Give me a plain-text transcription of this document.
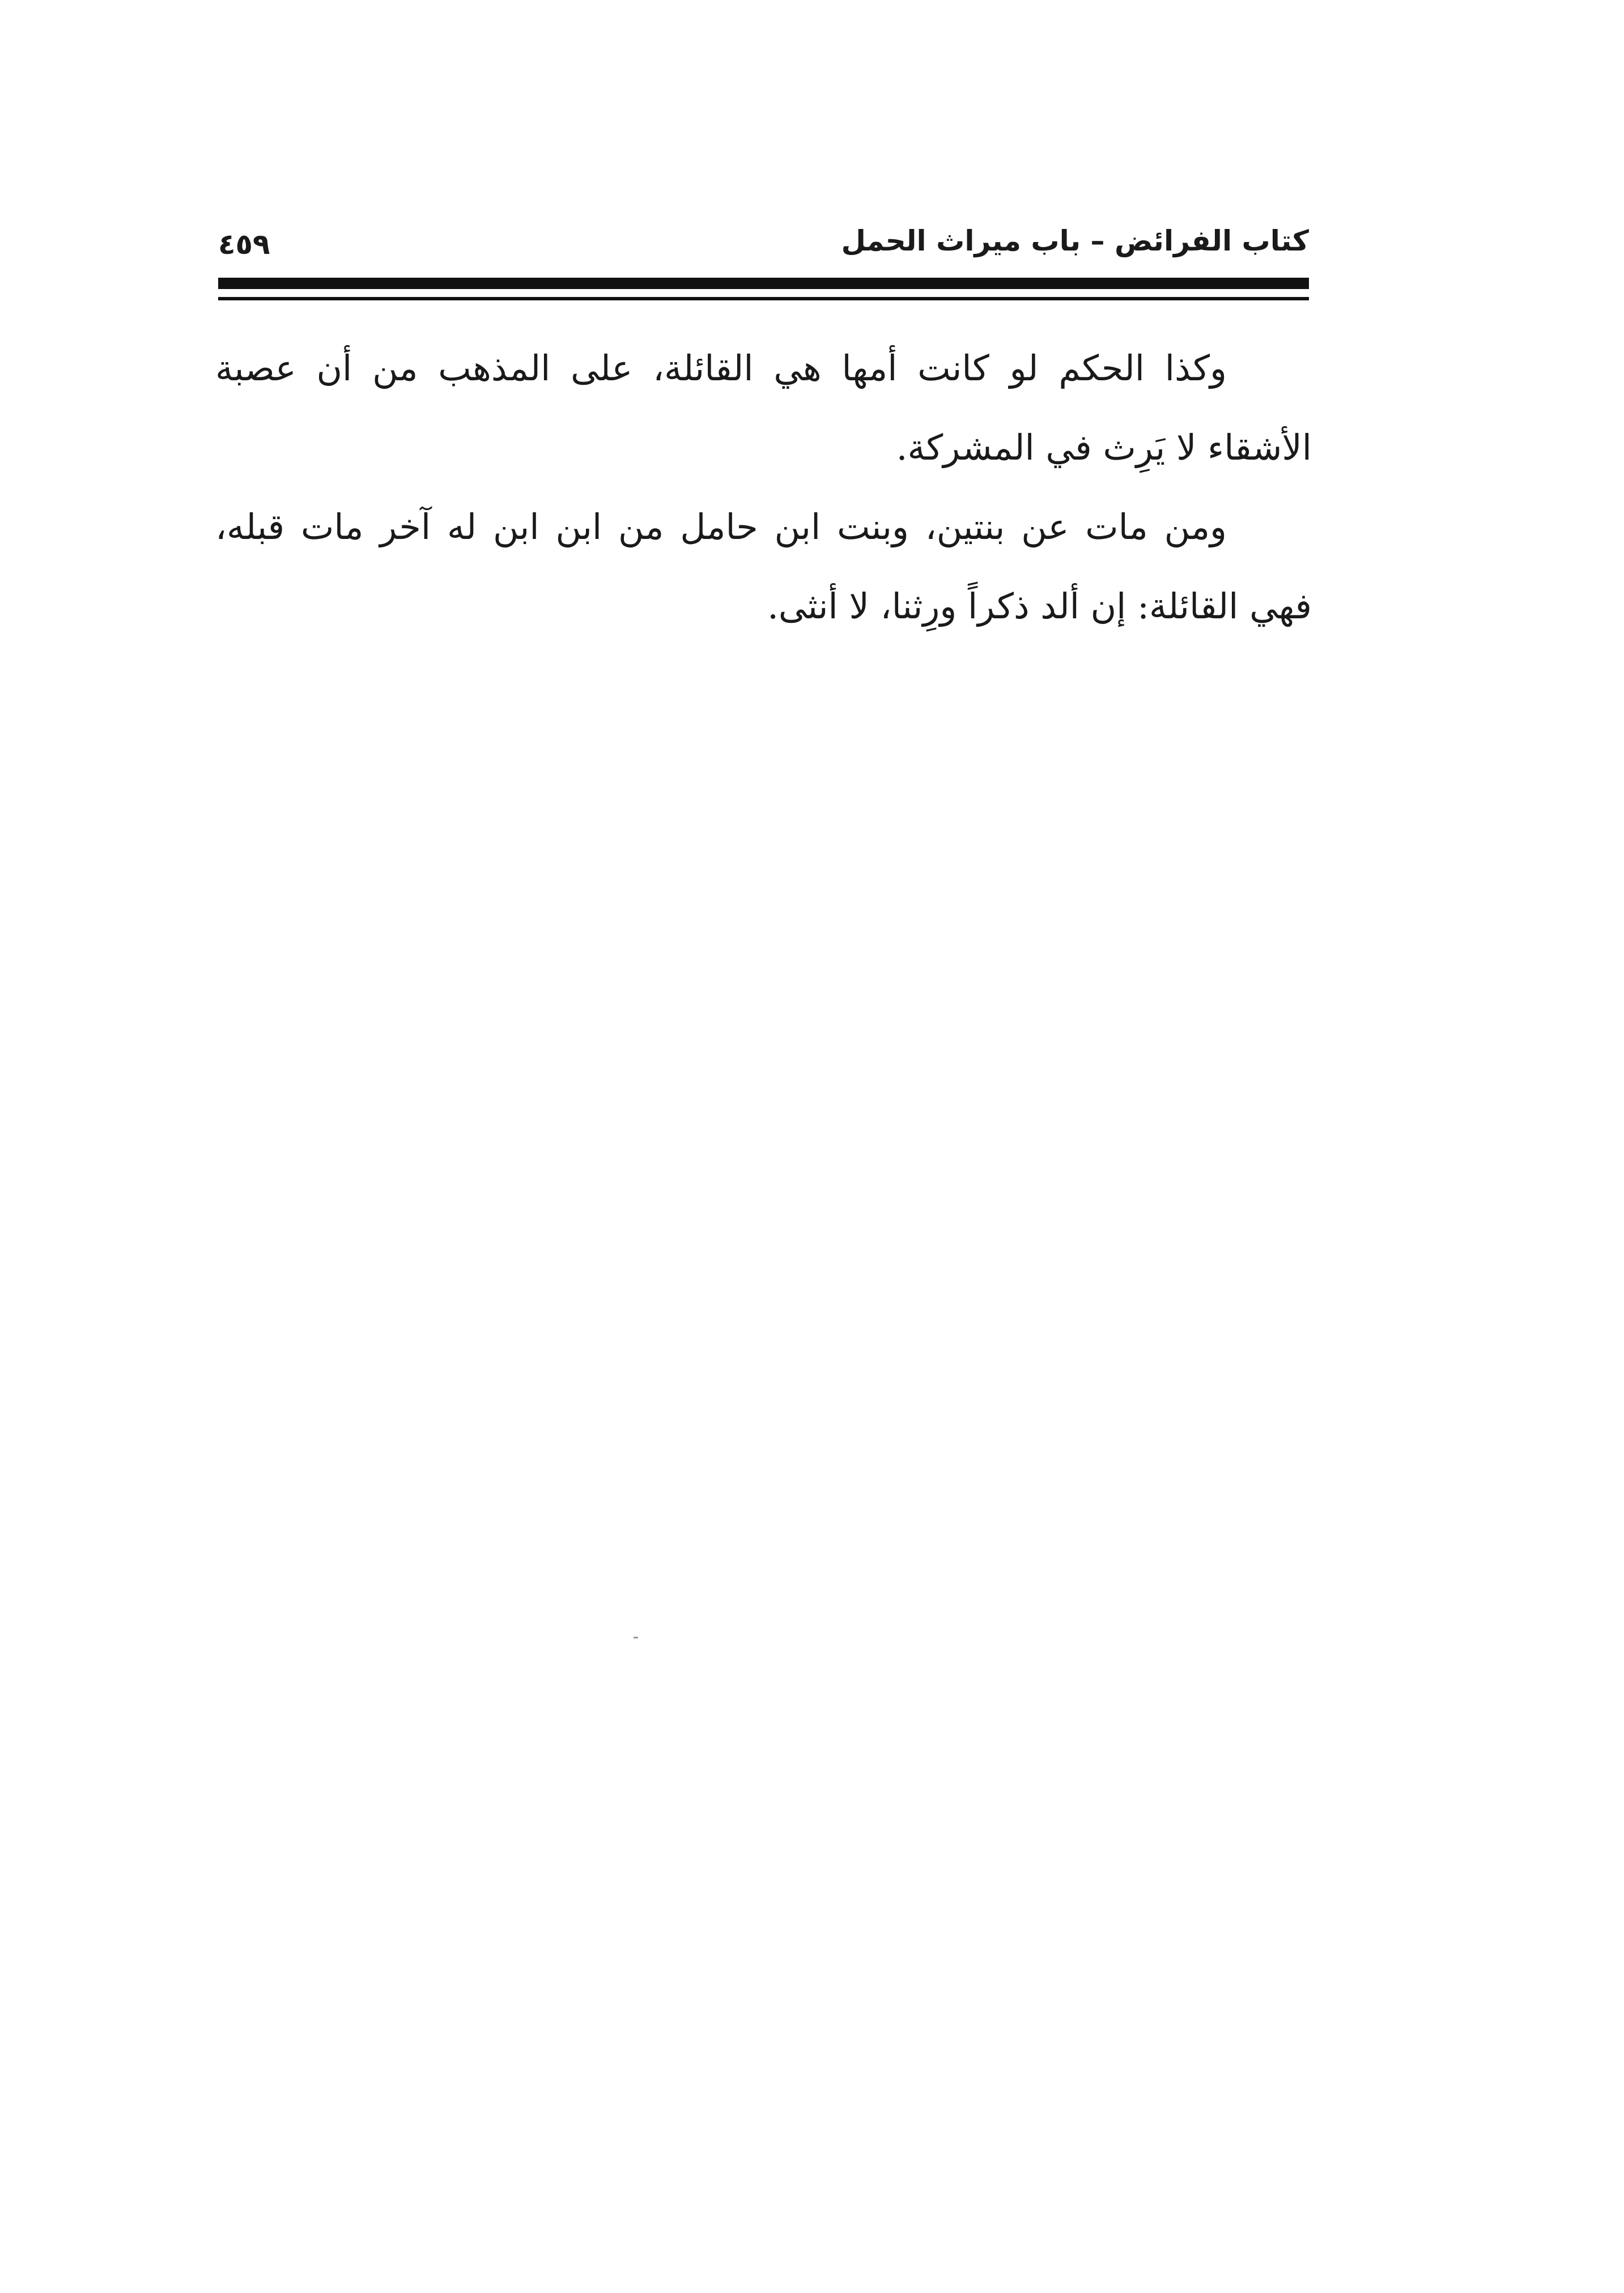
كتاب الفرائض – باب ميراث الحمل
٤٥٩

وكذا الحكم لو كانت أمها هي القائلة، على المذهب من أن عصبة الأشقاء لا يَرِث في المشركة.

ومن مات عن بنتين، وبنت ابن حامل من ابن ابن له آخر مات قبله، فهي القائلة: إن ألد ذكراً ورِثنا، لا أنثى.
